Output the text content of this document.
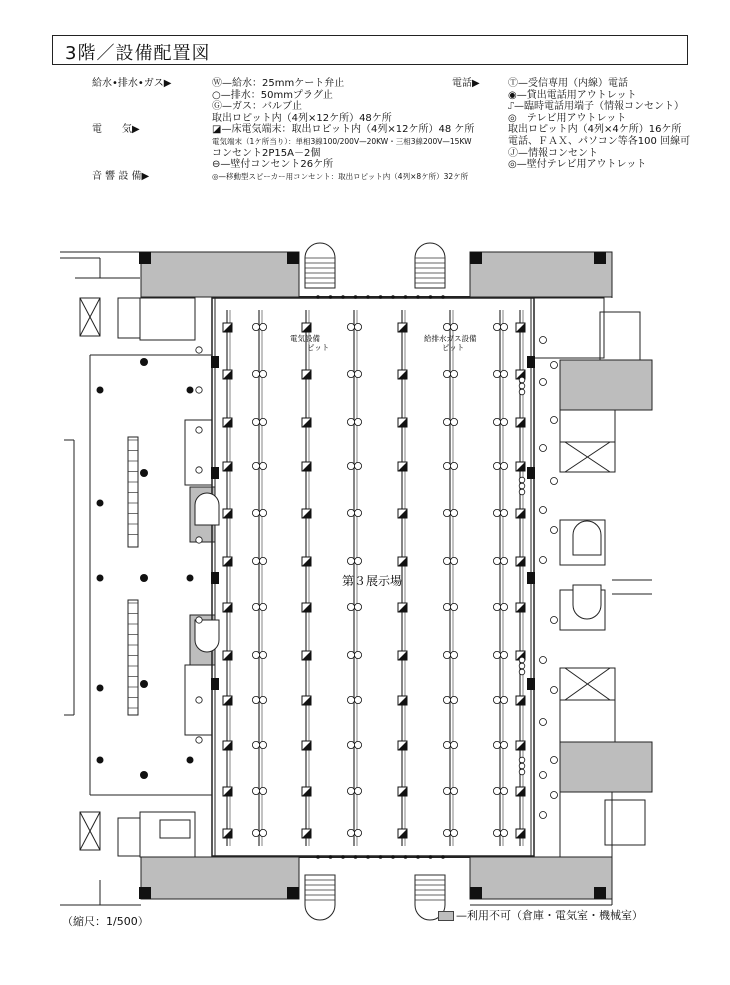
3階／設備配置図
給水•排水•ガス▶	Ⓦ—給水：25mmケート弁止
○—排水：50mmプラグ止
Ⓖ—ガス：バルブ止
取出ロピット内（4列×12ケ所）48ケ所
電　　気▶	◪—床電気端末：取出ロピット内（4列×12ケ所）48 ケ所
電気端末（1ケ所当り）：単相3線100/200V—20KW・三相3線200V—15KW
コンセント2P15A－2個
⊖—壁付コンセント26ケ所
音 響 設 備▶	◎—移動型スピーカー用コンセント：取出ロピット内（4列×8ケ所）32ケ所
電話▶	Ⓣ—受信専用（内線）電話
◉—貸出電話用アウトレット
⑀—臨時電話用端子（情報コンセント）
◎　テレビ用アウトレット
取出ロピット内（4列×4ケ所）16ケ所
電話、ＦＡＸ、パソコン等各100 回線可
Ⓙ—情報コンセント
◎—壁付テレビ用アウトレット
第３展示場
電気設備 ピット
給排水ガス設備 ピット
（縮尺：1/500）	—利用不可（倉庫・電気室・機械室）
